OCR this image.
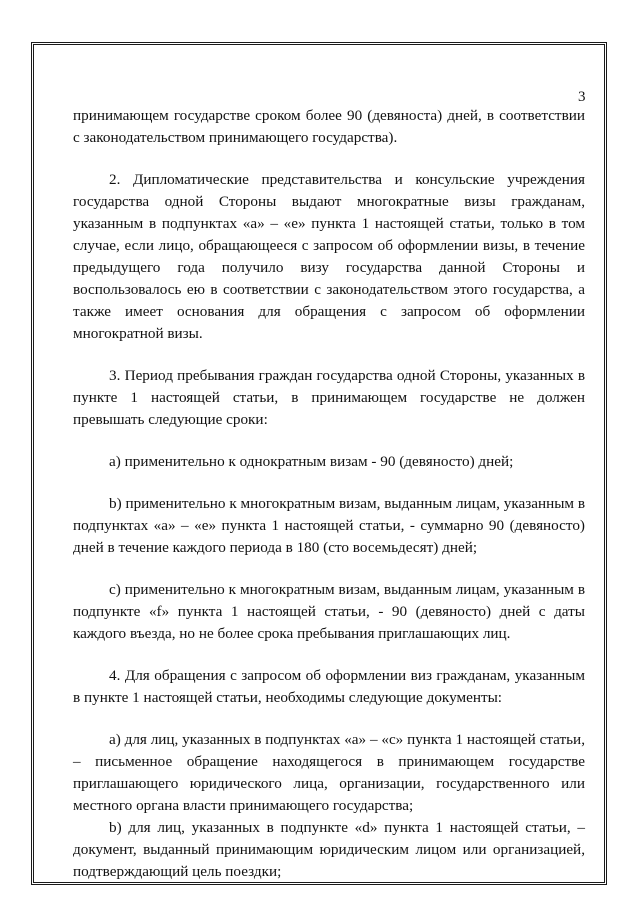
3

принимающем государстве сроком более 90 (девяноста) дней, в соответствии с законодательством принимающего государства).

2. Дипломатические представительства и консульские учреждения государства одной Стороны выдают многократные визы гражданам, указанным в подпунктах «а» – «е» пункта 1 настоящей статьи, только в том случае, если лицо, обращающееся с запросом об оформлении визы, в течение предыдущего года получило визу государства данной Стороны и воспользовалось ею в соответствии с законодательством этого государства, а также имеет основания для обращения с запросом об оформлении многократной визы.

3. Период пребывания граждан государства одной Стороны, указанных в пункте 1 настоящей статьи, в принимающем государстве не должен превышать следующие сроки:

a) применительно к однократным визам - 90 (девяносто) дней;

b) применительно к многократным визам, выданным лицам, указанным в подпунктах «а» – «е» пункта 1 настоящей статьи, - суммарно 90 (девяносто) дней в течение каждого периода в 180 (сто восемьдесят) дней;

c) применительно к многократным визам, выданным лицам, указанным в подпункте «f» пункта 1 настоящей статьи, - 90 (девяносто) дней с даты каждого въезда, но не более срока пребывания приглашающих лиц.

4. Для обращения с запросом об оформлении виз гражданам, указанным в пункте 1 настоящей статьи, необходимы следующие документы:

a) для лиц, указанных в подпунктах «а» – «с» пункта 1 настоящей статьи, – письменное обращение находящегося в принимающем государстве приглашающего юридического лица, организации, государственного или местного органа власти принимающего государства;

b) для лиц, указанных в подпункте «d» пункта 1 настоящей статьи, – документ, выданный принимающим юридическим лицом или организацией, подтверждающий цель поездки;
